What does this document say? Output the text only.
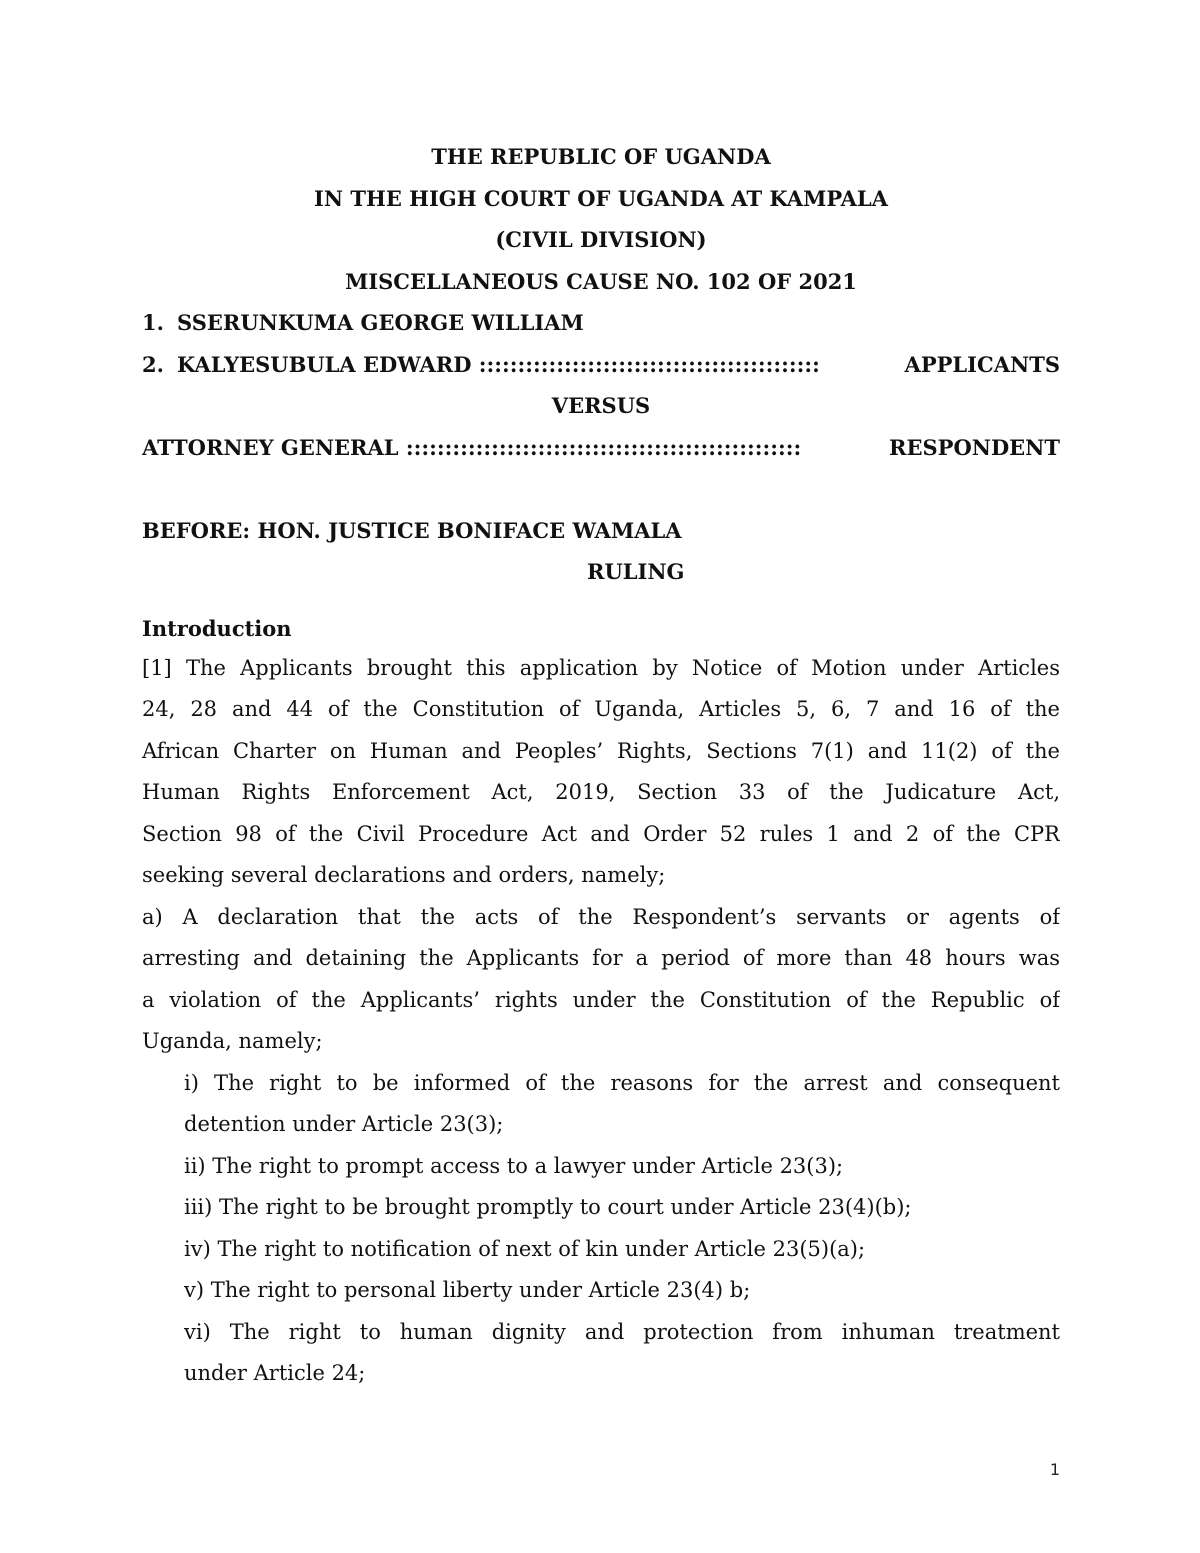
THE REPUBLIC OF UGANDA
IN THE HIGH COURT OF UGANDA AT KAMPALA
(CIVIL DIVISION)
MISCELLANEOUS CAUSE NO. 102 OF 2021
1. SSERUNKUMA GEORGE WILLIAM
2. KALYESUBULA EDWARD ::::::::::::::::::::::::::::::::::::::::::::	APPLICANTS
VERSUS
ATTORNEY GENERAL :::::::::::::::::::::::::::::::::::::::::::::::::::	RESPONDENT
BEFORE: HON. JUSTICE BONIFACE WAMALA
RULING
Introduction
[1] The Applicants brought this application by Notice of Motion under Articles
24, 28 and 44 of the Constitution of Uganda, Articles 5, 6, 7 and 16 of the
African Charter on Human and Peoples’ Rights, Sections 7(1) and 11(2) of the
Human Rights Enforcement Act, 2019, Section 33 of the Judicature Act,
Section 98 of the Civil Procedure Act and Order 52 rules 1 and 2 of the CPR
seeking several declarations and orders, namely;
a) A declaration that the acts of the Respondent’s servants or agents of
arresting and detaining the Applicants for a period of more than 48 hours was
a violation of the Applicants’ rights under the Constitution of the Republic of
Uganda, namely;
i) The right to be informed of the reasons for the arrest and consequent
detention under Article 23(3);
ii) The right to prompt access to a lawyer under Article 23(3);
iii) The right to be brought promptly to court under Article 23(4)(b);
iv) The right to notification of next of kin under Article 23(5)(a);
v) The right to personal liberty under Article 23(4) b;
vi) The right to human dignity and protection from inhuman treatment
under Article 24;
1
